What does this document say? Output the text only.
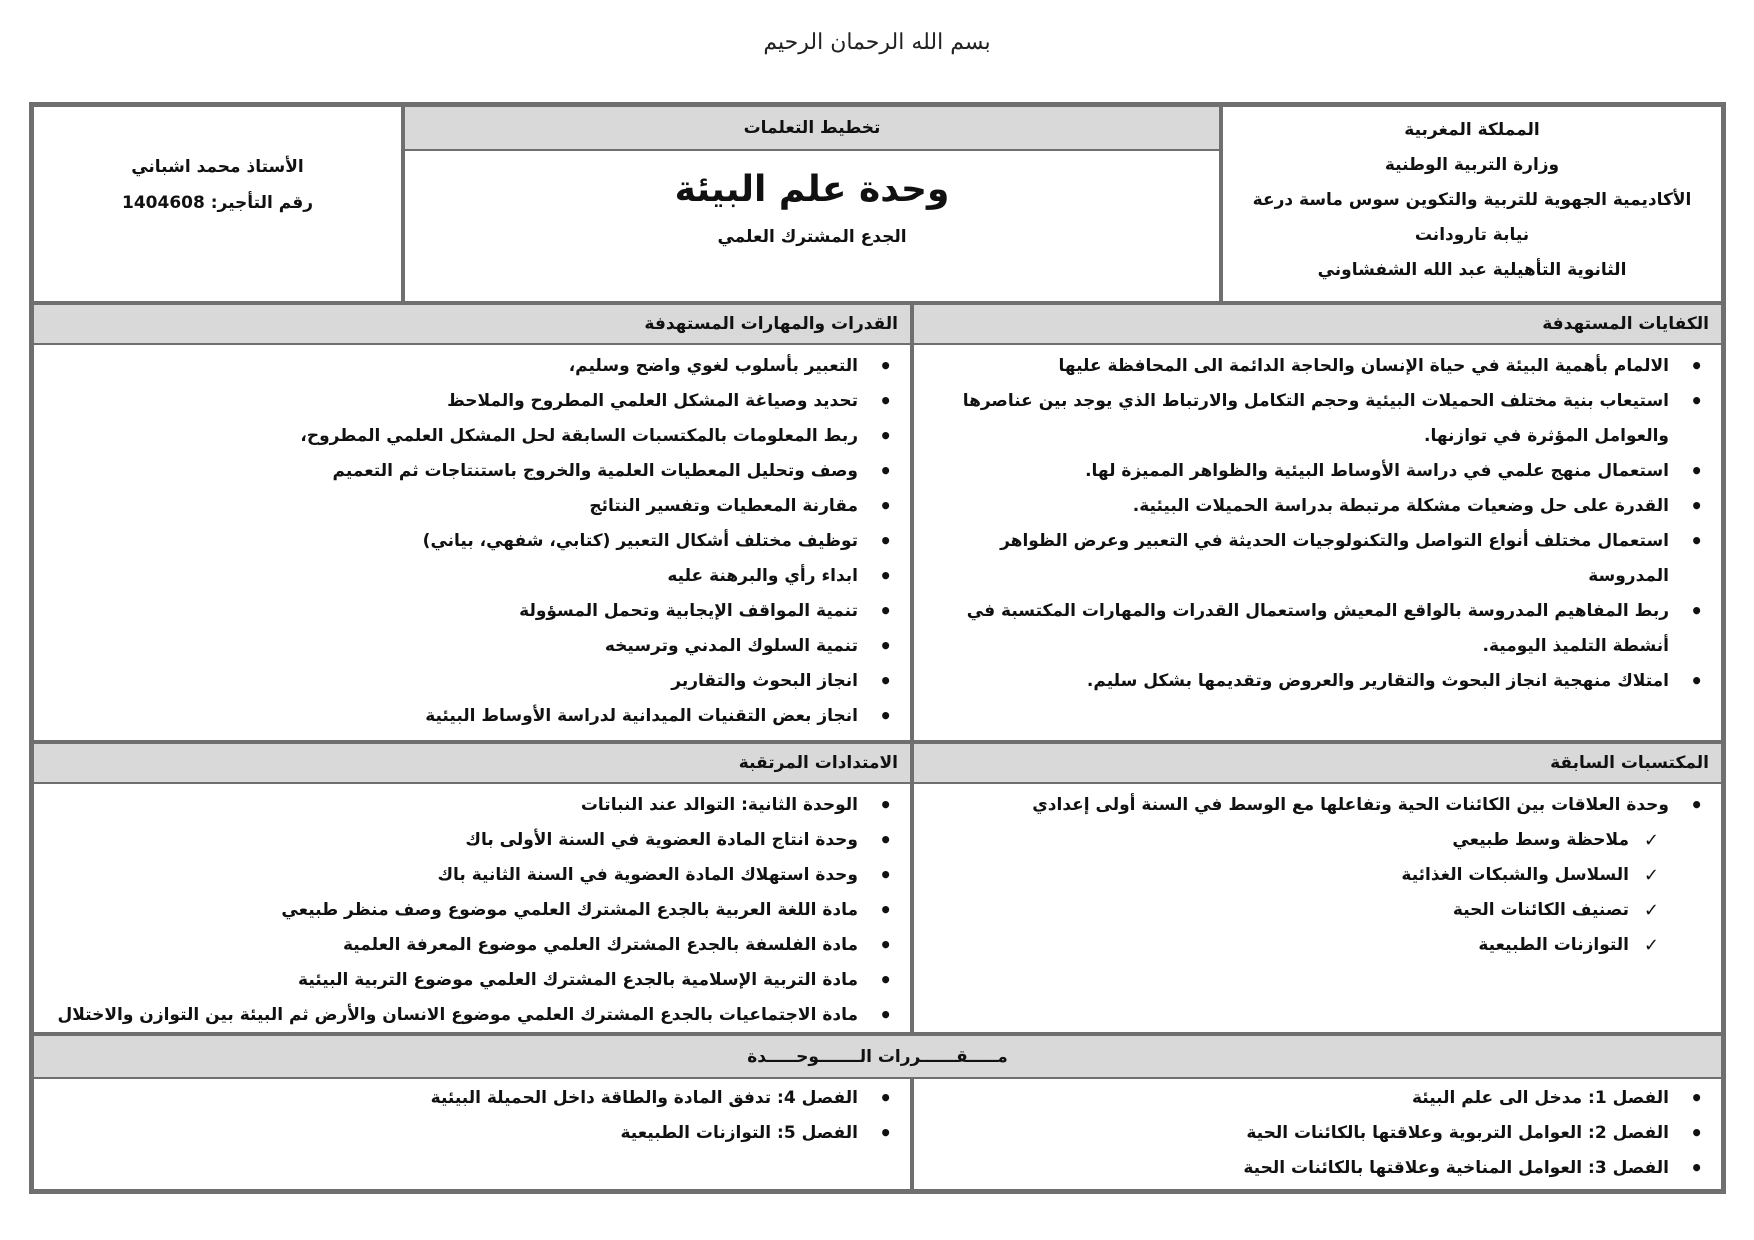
بسم الله الرحمان الرحيم
المملكة المغربية
وزارة التربية الوطنية
الأكاديمية الجهوية للتربية والتكوين سوس ماسة درعة
نيابة تارودانت
الثانوية التأهيلية عبد الله الشفشاوني
تخطيط التعلمات
وحدة علم البيئة
الجدع المشترك العلمي
الأستاذ محمد اشباني
رقم التأجير: 1404608
الكفايات المستهدفة
• الالمام بأهمية البيئة في حياة الإنسان والحاجة الدائمة الى المحافظة عليها
• استيعاب بنية مختلف الحميلات البيئية وحجم التكامل والارتباط الذي يوجد بين عناصرها والعوامل المؤثرة في توازنها.
• استعمال منهج علمي في دراسة الأوساط البيئية والظواهر المميزة لها.
• القدرة على حل وضعيات مشكلة مرتبطة بدراسة الحميلات البيئية.
• استعمال مختلف أنواع التواصل والتكنولوجيات الحديثة في التعبير وعرض الظواهر المدروسة
• ربط المفاهيم المدروسة بالواقع المعيش واستعمال القدرات والمهارات المكتسبة في أنشطة التلميذ اليومية.
• امتلاك منهجية انجاز البحوث والتقارير والعروض وتقديمها بشكل سليم.
القدرات والمهارات المستهدفة
• التعبير بأسلوب لغوي واضح وسليم،
• تحديد وصياغة المشكل العلمي المطروح والملاحظ
• ربط المعلومات بالمكتسبات السابقة لحل المشكل العلمي المطروح،
• وصف وتحليل المعطيات العلمية والخروج باستنتاجات ثم التعميم
• مقارنة المعطيات وتفسير النتائج
• توظيف مختلف أشكال التعبير (كتابي، شفهي، بياني)
• ابداء رأي والبرهنة عليه
• تنمية المواقف الإيجابية وتحمل المسؤولة
• تنمية السلوك المدني وترسيخه
• انجاز البحوث والتقارير
• انجاز بعض التقنيات الميدانية لدراسة الأوساط البيئية
المكتسبات السابقة
• وحدة العلاقات بين الكائنات الحية وتفاعلها مع الوسط في السنة أولى إعدادي
✓ ملاحظة وسط طبيعي
✓ السلاسل والشبكات الغذائية
✓ تصنيف الكائنات الحية
✓ التوازنات الطبيعية
الامتدادات المرتقبة
• الوحدة الثانية: التوالد عند النباتات
• وحدة انتاج المادة العضوية في السنة الأولى باك
• وحدة استهلاك المادة العضوية في السنة الثانية باك
• مادة اللغة العربية بالجدع المشترك العلمي موضوع وصف منظر طبيعي
• مادة الفلسفة بالجدع المشترك العلمي موضوع المعرفة العلمية
• مادة التربية الإسلامية بالجدع المشترك العلمي موضوع التربية البيئية
• مادة الاجتماعيات بالجدع المشترك العلمي موضوع الانسان والأرض ثم البيئة بين التوازن والاختلال
مـــــقــــــررات الـــــــوحـــــدة
• الفصل 1: مدخل الى علم البيئة
• الفصل 2: العوامل التربوية وعلاقتها بالكائنات الحية
• الفصل 3: العوامل المناخية وعلاقتها بالكائنات الحية
• الفصل 4: تدفق المادة والطاقة داخل الحميلة البيئية
• الفصل 5: التوازنات الطبيعية
